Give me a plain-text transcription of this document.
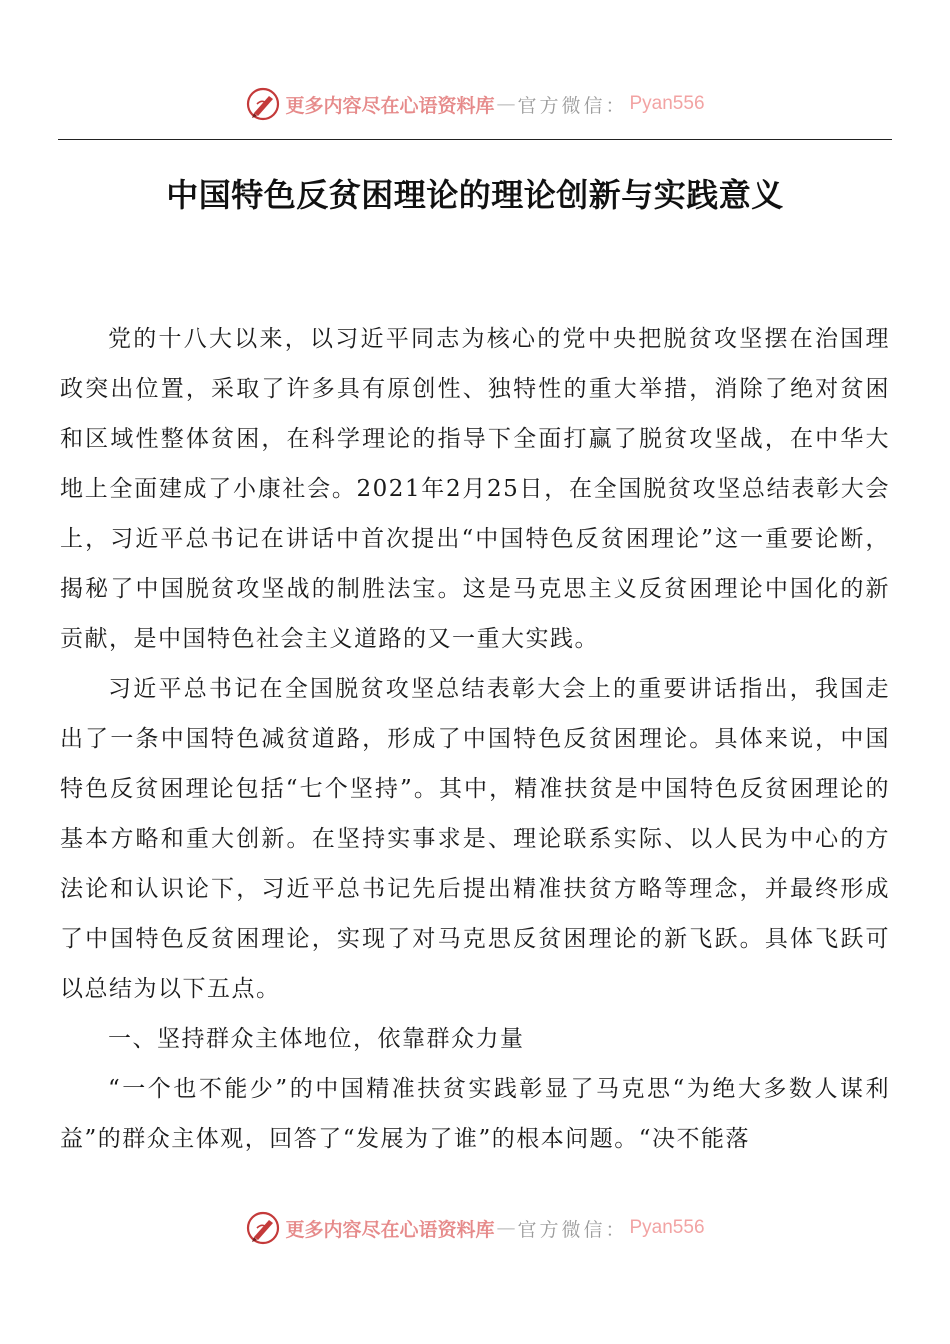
更多内容尽在心语资料库 — 官方微信： Pyan556
中国特色反贫困理论的理论创新与实践意义

党的十八大以来，以习近平同志为核心的党中央把脱贫攻坚摆在治国理政突出位置，采取了许多具有原创性、独特性的重大举措，消除了绝对贫困和区域性整体贫困，在科学理论的指导下全面打赢了脱贫攻坚战，在中华大地上全面建成了小康社会。2021年2月25日，在全国脱贫攻坚总结表彰大会上，习近平总书记在讲话中首次提出“中国特色反贫困理论”这一重要论断，揭秘了中国脱贫攻坚战的制胜法宝。这是马克思主义反贫困理论中国化的新贡献，是中国特色社会主义道路的又一重大实践。

习近平总书记在全国脱贫攻坚总结表彰大会上的重要讲话指出，我国走出了一条中国特色减贫道路，形成了中国特色反贫困理论。具体来说，中国特色反贫困理论包括“七个坚持”。其中，精准扶贫是中国特色反贫困理论的基本方略和重大创新。在坚持实事求是、理论联系实际、以人民为中心的方法论和认识论下，习近平总书记先后提出精准扶贫方略等理念，并最终形成了中国特色反贫困理论，实现了对马克思反贫困理论的新飞跃。具体飞跃可以总结为以下五点。

一、坚持群众主体地位，依靠群众力量

“一个也不能少”的中国精准扶贫实践彰显了马克思“为绝大多数人谋利益”的群众主体观，回答了“发展为了谁”的根本问题。“决不能落

更多内容尽在心语资料库 — 官方微信： Pyan556
